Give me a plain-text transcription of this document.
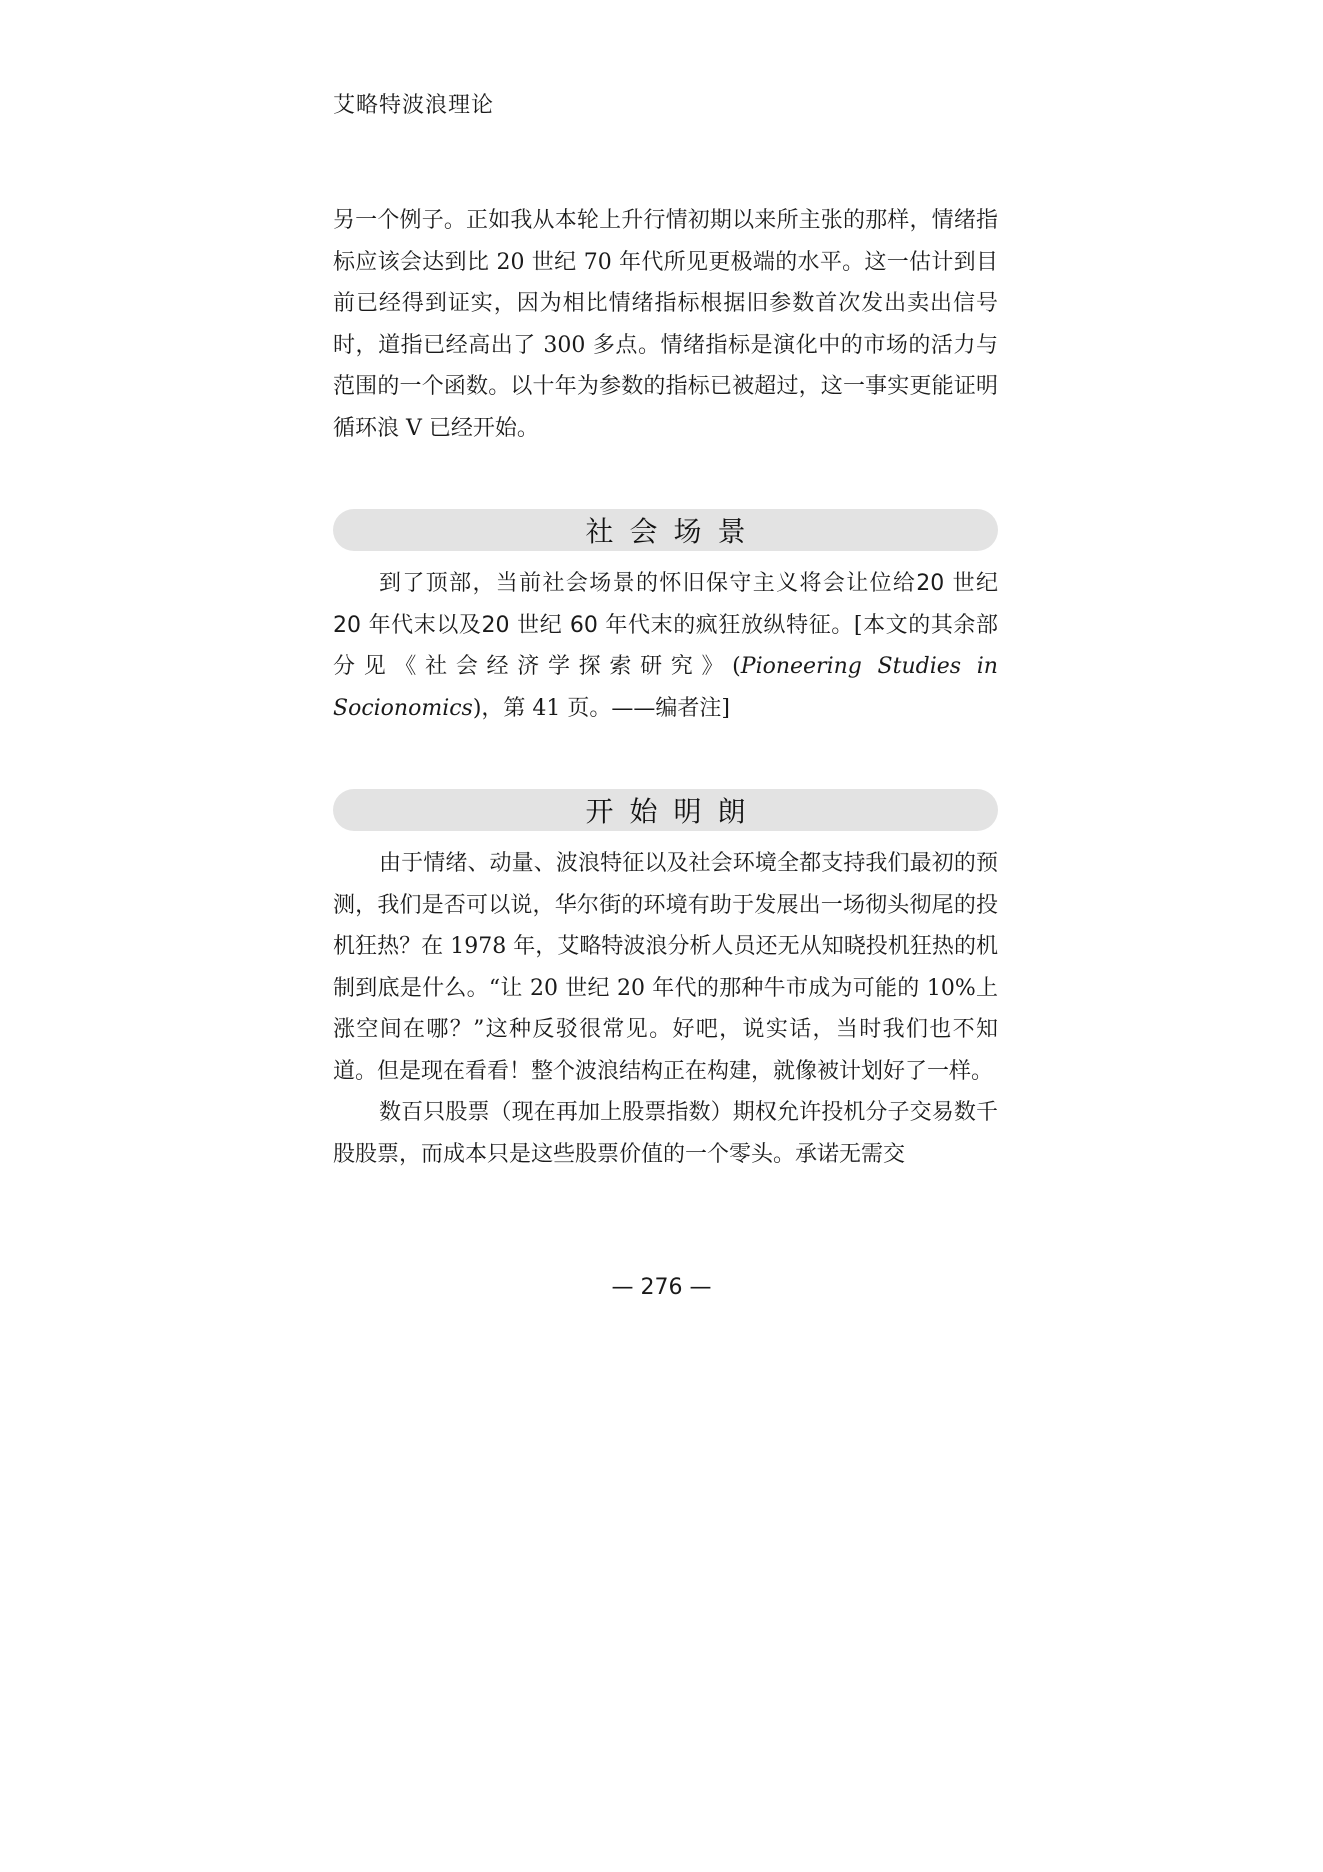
艾略特波浪理论

另一个例子。正如我从本轮上升行情初期以来所主张的那样，情绪指标应该会达到比 20 世纪 70 年代所见更极端的水平。这一估计到目前已经得到证实，因为相比情绪指标根据旧参数首次发出卖出信号时，道指已经高出了 300 多点。情绪指标是演化中的市场的活力与范围的一个函数。以十年为参数的指标已被超过，这一事实更能证明循环浪 V 已经开始。

社会场景

到了顶部，当前社会场景的怀旧保守主义将会让位给20 世纪 20 年代末以及20 世纪 60 年代末的疯狂放纵特征。[本文的其余部分见《社会经济学探索研究》(Pioneering Studies in Socionomics)，第 41 页。——编者注]

开始明朗

由于情绪、动量、波浪特征以及社会环境全都支持我们最初的预测，我们是否可以说，华尔街的环境有助于发展出一场彻头彻尾的投机狂热？在 1978 年，艾略特波浪分析人员还无从知晓投机狂热的机制到底是什么。“让 20 世纪 20 年代的那种牛市成为可能的 10%上涨空间在哪？”这种反驳很常见。好吧，说实话，当时我们也不知道。但是现在看看！整个波浪结构正在构建，就像被计划好了一样。

数百只股票（现在再加上股票指数）期权允许投机分子交易数千股股票，而成本只是这些股票价值的一个零头。承诺无需交

— 276 —
